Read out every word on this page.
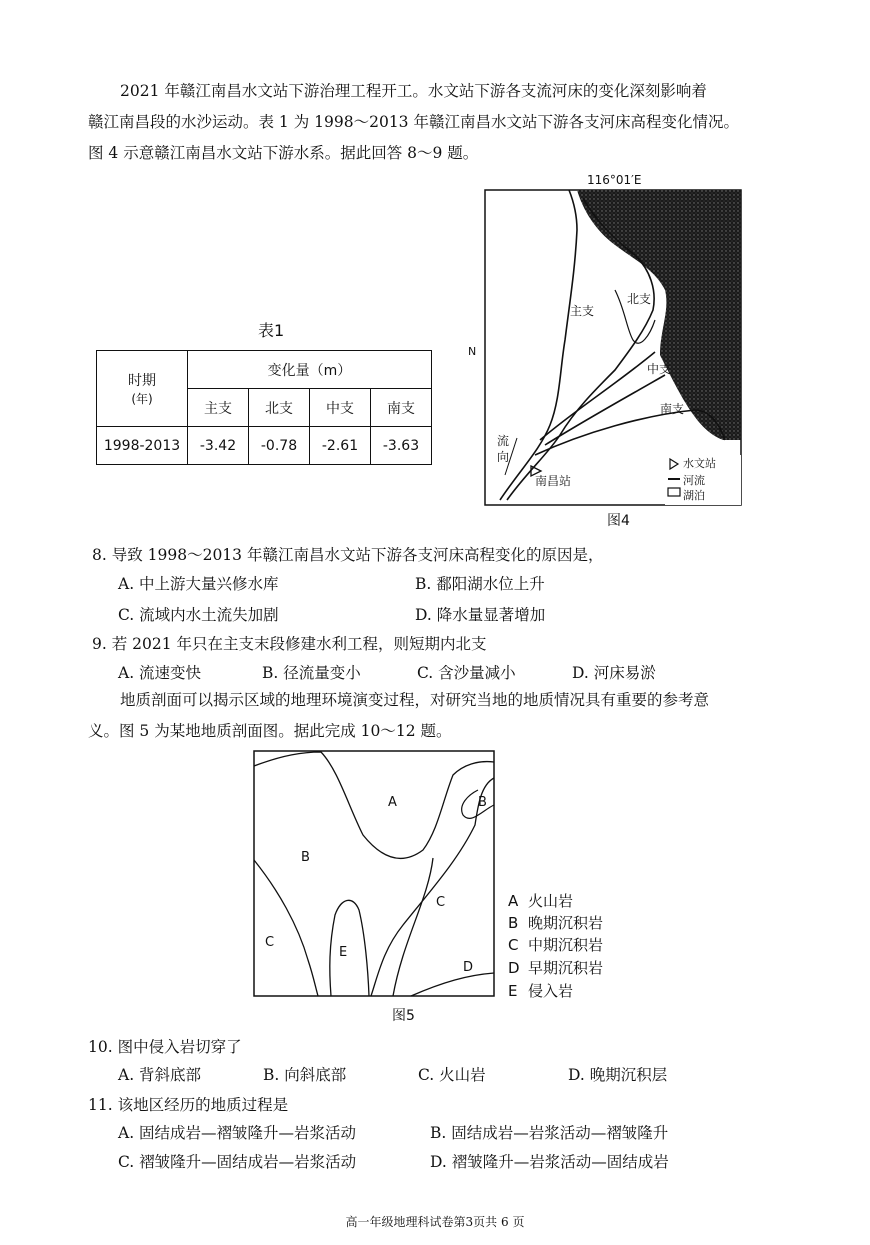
2021 年赣江南昌水文站下游治理工程开工。水文站下游各支流河床的变化深刻影响着
赣江南昌段的水沙运动。表 1 为 1998～2013 年赣江南昌水文站下游各支河床高程变化情况。
图 4 示意赣江南昌水文站下游水系。据此回答 8～9 题。
表1
时期
(年)	变化量（m）			
	主支	北支	中支	南支
1998-2013	-3.42	-0.78	-2.61	-3.63
116°01′E
N
主支
北支
中支
南支
流
向
南昌站
水文站
河流
湖泊
图4
8. 导致 1998～2013 年赣江南昌水文站下游各支河床高程变化的原因是，
A. 中上游大量兴修水库	B. 鄱阳湖水位上升
C. 流域内水土流失加剧	D. 降水量显著增加
9. 若 2021 年只在主支末段修建水利工程，则短期内北支
A. 流速变快	B. 径流量变小	C. 含沙量减小	D. 河床易淤
地质剖面可以揭示区域的地理环境演变过程，对研究当地的地质情况具有重要的参考意
义。图 5 为某地地质剖面图。据此完成 10～12 题。
A	B
B
C
C
D
E
图5
A 火山岩
B 晚期沉积岩
C 中期沉积岩
D 早期沉积岩
E 侵入岩
10. 图中侵入岩切穿了
A. 背斜底部	B. 向斜底部	C. 火山岩	D. 晚期沉积层
11. 该地区经历的地质过程是
A. 固结成岩—褶皱隆升—岩浆活动	B. 固结成岩—岩浆活动—褶皱隆升
C. 褶皱隆升—固结成岩—岩浆活动	D. 褶皱隆升—岩浆活动—固结成岩
高一年级地理科试卷第3页共 6 页
